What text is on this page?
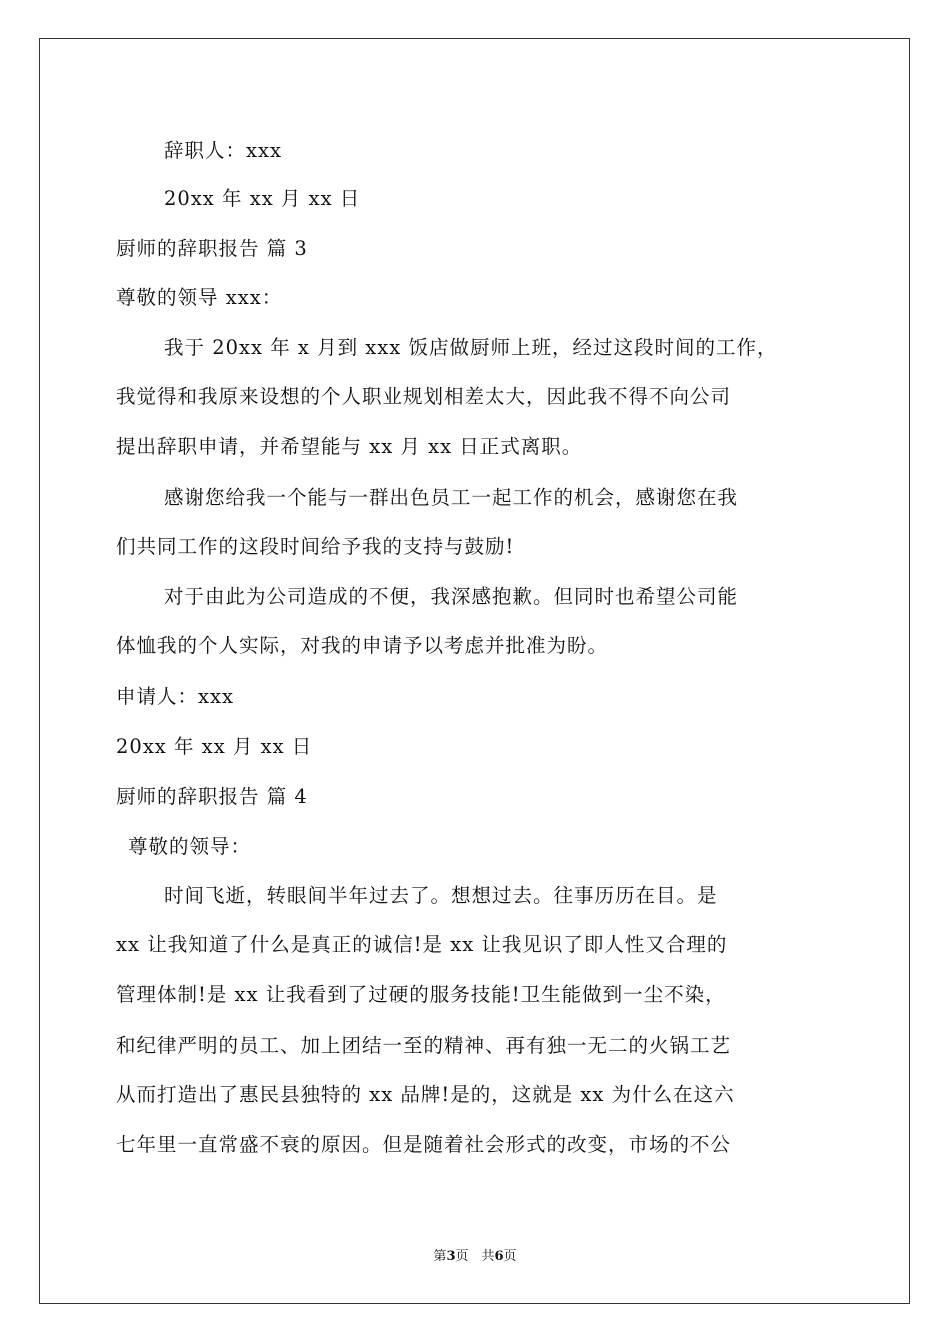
辞职人：xxx
20xx 年 xx 月 xx 日
厨师的辞职报告 篇 3
尊敬的领导 xxx：
我于 20xx 年 x 月到 xxx 饭店做厨师上班，经过这段时间的工作，
我觉得和我原来设想的个人职业规划相差太大，因此我不得不向公司
提出辞职申请，并希望能与 xx 月 xx 日正式离职。
感谢您给我一个能与一群出色员工一起工作的机会，感谢您在我
们共同工作的这段时间给予我的支持与鼓励!
对于由此为公司造成的不便，我深感抱歉。但同时也希望公司能
体恤我的个人实际，对我的申请予以考虑并批准为盼。
申请人：xxx
20xx 年 xx 月 xx 日
厨师的辞职报告 篇 4
尊敬的领导：
时间飞逝，转眼间半年过去了。想想过去。往事历历在目。是
xx 让我知道了什么是真正的诚信!是 xx 让我见识了即人性又合理的
管理体制!是 xx 让我看到了过硬的服务技能!卫生能做到一尘不染，
和纪律严明的员工、加上团结一至的精神、再有独一无二的火锅工艺
从而打造出了惠民县独特的 xx 品牌!是的，这就是 xx 为什么在这六
七年里一直常盛不衰的原因。但是随着社会形式的改变，市场的不公
第3页　共6页
